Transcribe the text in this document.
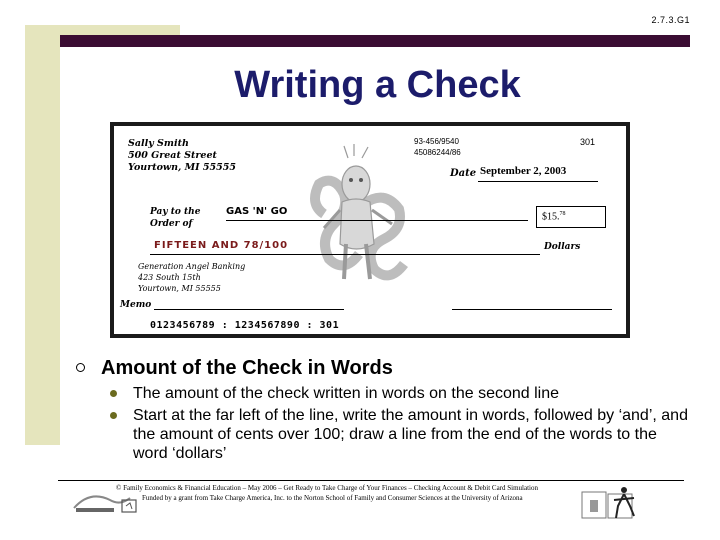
2.7.3.G1
Writing a Check
Sally Smith
500 Great Street
Yourtown, MI 55555
93-456/9540
45086244/86
301
Date September 2, 2003
Pay to the
Order of
GAS 'N' GO	$15.78
FIFTEEN AND 78/100	Dollars
Generation Angel Banking
423 South 15th
Yourtown, MI 55555
Memo
0123456789 : 1234567890 : 301
Amount of the Check in Words
The amount of the check written in words on the second line
Start at the far left of the line, write the amount in words, followed by ‘and’, and the amount of cents over 100; draw a line from the end of the words to the word ‘dollars’
© Family Economics & Financial Education – May 2006 – Get Ready to Take Charge of Your Finances – Checking Account & Debit Card Simulation
Funded by a grant from Take Charge America, Inc. to the Norton School of Family and Consumer Sciences at the University of Arizona
